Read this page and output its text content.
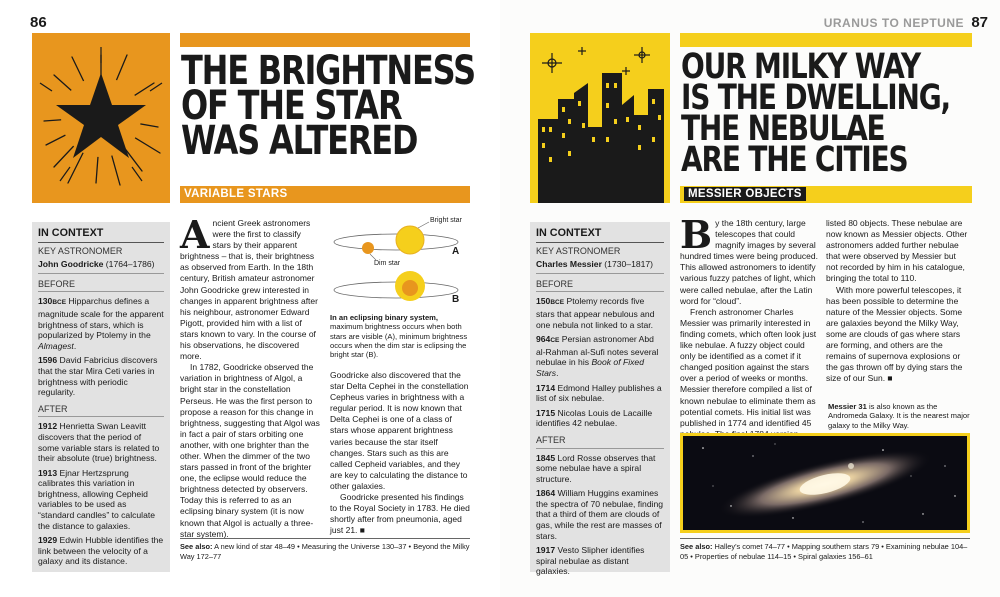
86
THE BRIGHTNESS
OF THE STAR
WAS ALTERED
VARIABLE STARS
IN CONTEXT
KEY ASTRONOMER
John Goodricke (1764–1786)
BEFORE
130BCE Hipparchus defines a magnitude scale for the apparent brightness of stars, which is popularized by Ptolemy in the Almagest.
1596 David Fabricius discovers that the star Mira Ceti varies in brightness with periodic regularity.
AFTER
1912 Henrietta Swan Leavitt discovers that the period of some variable stars is related to their absolute (true) brightness.
1913 Ejnar Hertzsprung calibrates this variation in brightness, allowing Cepheid variables to be used as “standard candles” to calculate the distance to galaxies.
1929 Edwin Hubble identifies the link between the velocity of a galaxy and its distance.

Ancient Greek astronomers were the first to classify stars by their apparent brightness – that is, their brightness as observed from Earth. In the 18th century, British amateur astronomer John Goodricke grew interested in changes in apparent brightness after his neighbour, astronomer Edward Pigott, provided him with a list of stars known to vary. In the course of his observations, he discovered more.

In 1782, Goodricke observed the variation in brightness of Algol, a bright star in the constellation Perseus. He was the first person to propose a reason for this change in brightness, suggesting that Algol was in fact a pair of stars orbiting one another, with one brighter than the other. When the dimmer of the two stars passed in front of the brighter one, the eclipse would reduce the brightness detected by observers. Today this is referred to as an eclipsing binary system (it is now known that Algol is actually a three-star system).

Bright star
Dim star
A
B
In an eclipsing binary system, maximum brightness occurs when both stars are visible (A), minimum brightness occurs when the dim star is eclipsing the bright star (B).

Goodricke also discovered that the star Delta Cephei in the constellation Cepheus varies in brightness with a regular period. It is now known that Delta Cephei is one of a class of stars whose apparent brightness varies because the star itself changes. Stars such as this are called Cepheid variables, and they are key to calculating the distance to other galaxies.

Goodricke presented his findings to the Royal Society in 1783. He died shortly after from pneumonia, aged just 21. ■

See also: A new kind of star 48–49 • Measuring the Universe 130–37 • Beyond the Milky Way 172–77
URANUS TO NEPTUNE 87
OUR MILKY WAY
IS THE DWELLING,
THE NEBULAE
ARE THE CITIES
MESSIER OBJECTS
IN CONTEXT
KEY ASTRONOMER
Charles Messier (1730–1817)
BEFORE
150BCE Ptolemy records five stars that appear nebulous and one nebula not linked to a star.
964CE Persian astronomer Abd al-Rahman al-Sufi notes several nebulae in his Book of Fixed Stars.
1714 Edmond Halley publishes a list of six nebulae.
1715 Nicolas Louis de Lacaille identifies 42 nebulae.
AFTER
1845 Lord Rosse observes that some nebulae have a spiral structure.
1864 William Huggins examines the spectra of 70 nebulae, finding that a third of them are clouds of gas, while the rest are masses of stars.
1917 Vesto Slipher identifies spiral nebulae as distant galaxies.

By the 18th century, large telescopes that could magnify images by several hundred times were being produced. This allowed astronomers to identify various fuzzy patches of light, which were called nebulae, after the Latin word for “cloud”.

French astronomer Charles Messier was primarily interested in finding comets, which often look just like nebulae. A fuzzy object could only be identified as a comet if it changed position against the stars over a period of weeks or months. Messier therefore compiled a list of known nebulae to eliminate them as potential comets. His initial list was published in 1774 and identified 45

listed 80 objects. These nebulae are now known as Messier objects. Other astronomers added further nebulae that were observed by Messier but not recorded by him in his catalogue, bringing the total to 110.

With more powerful telescopes, it has been possible to determine the nature of the Messier objects. Some are galaxies beyond the Milky Way, some are clouds of gas where stars are forming, and others are the remains of supernova explosions or the gas thrown off by dying stars the size of our Sun. ■

Messier 31 is also known as the Andromeda Galaxy. It is the nearest major galaxy to the Milky Way.
See also: Halley’s comet 74–77 • Mapping southern stars 79 • Examining nebulae 104–05 • Properties of nebulae 114–15 • Spiral galaxies 156–61
